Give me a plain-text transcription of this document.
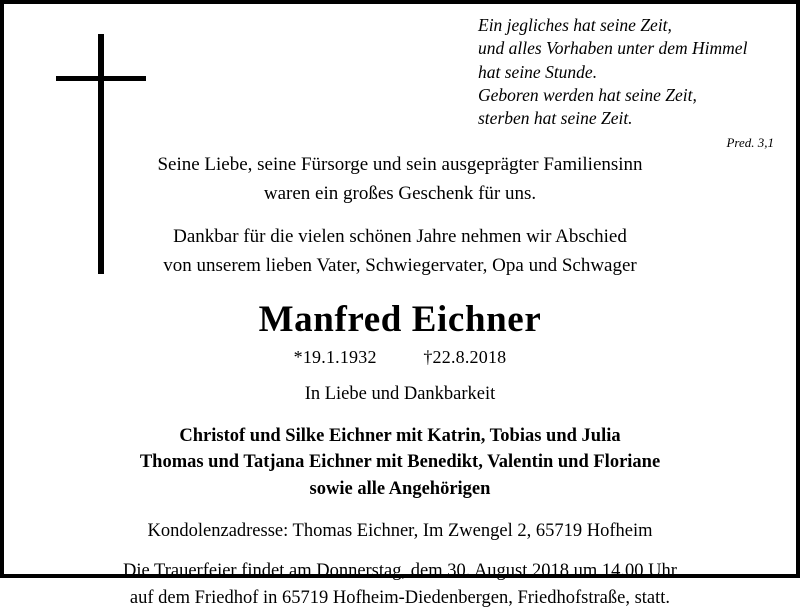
Ein jegliches hat seine Zeit,
und alles Vorhaben unter dem Himmel
hat seine Stunde.
Geboren werden hat seine Zeit,
sterben hat seine Zeit.
Pred. 3,1

Seine Liebe, seine Fürsorge und sein ausgeprägter Familiensinn

waren ein großes Geschenk für uns.

Dankbar für die vielen schönen Jahre nehmen wir Abschied

von unserem lieben Vater, Schwiegervater, Opa und Schwager

Manfred Eichner
*19.1.1932	†22.8.2018

In Liebe und Dankbarkeit

Christof und Silke Eichner mit Katrin, Tobias und Julia
Thomas und Tatjana Eichner mit Benedikt, Valentin und Floriane
sowie alle Angehörigen

Kondolenzadresse: Thomas Eichner, Im Zwengel 2, 65719 Hofheim

Die Trauerfeier findet am Donnerstag, dem 30. August 2018 um 14.00 Uhr
auf dem Friedhof in 65719 Hofheim-Diedenbergen, Friedhofstraße, statt.
